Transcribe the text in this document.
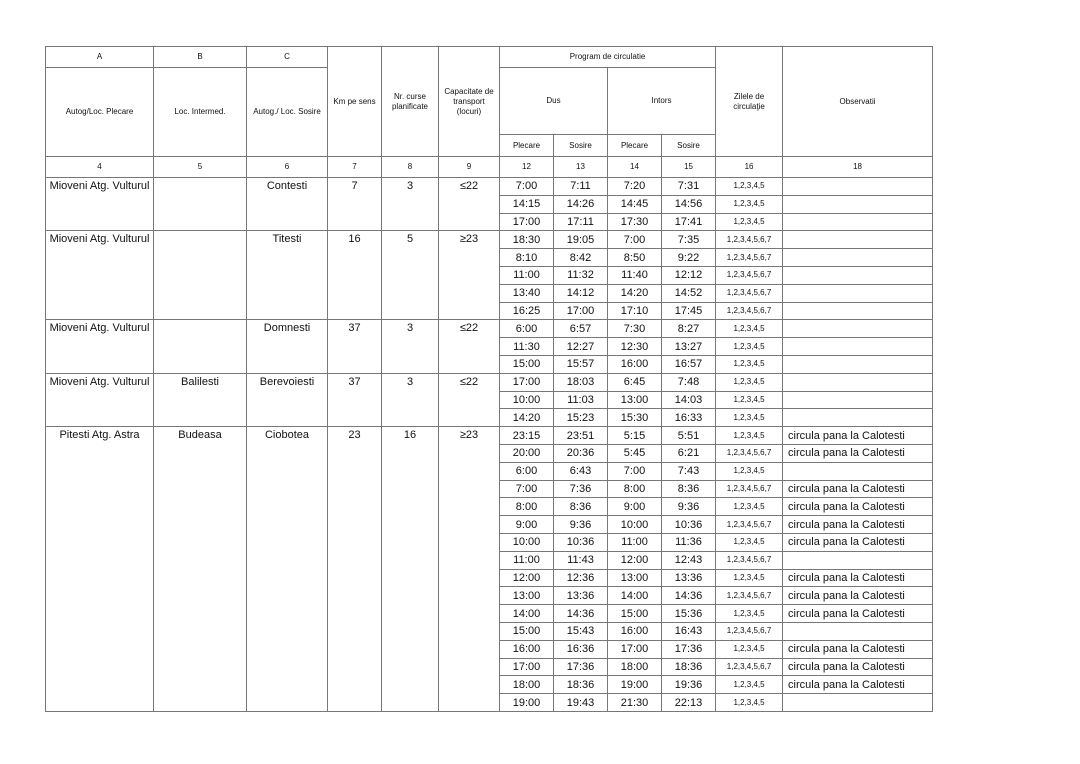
A	B	C	Km pe sens	Nr. curse planificate	Capacitate de transport (locuri)	Program de circulatie				Zilele de circulaţie	Observatii
Autog/Loc. Plecare	Loc. Intermed.	Autog./ Loc. Sosire				Dus		Intors			
						Plecare	Sosire	Plecare	Sosire		
4	5	6	7	8	9	12	13	14	15	16	18
Mioveni Atg. Vulturul		Contesti	7	3	≤22	7:00	7:11	7:20	7:31	1,2,3,4,5	
						14:15	14:26	14:45	14:56	1,2,3,4,5	
						17:00	17:11	17:30	17:41	1,2,3,4,5	
Mioveni Atg. Vulturul		Titesti	16	5	≥23	18:30	19:05	7:00	7:35	1,2,3,4,5,6,7	
						8:10	8:42	8:50	9:22	1,2,3,4,5,6,7	
						11:00	11:32	11:40	12:12	1,2,3,4,5,6,7	
						13:40	14:12	14:20	14:52	1,2,3,4,5,6,7	
						16:25	17:00	17:10	17:45	1,2,3,4,5,6,7	
Mioveni Atg. Vulturul		Domnesti	37	3	≤22	6:00	6:57	7:30	8:27	1,2,3,4,5	
						11:30	12:27	12:30	13:27	1,2,3,4,5	
						15:00	15:57	16:00	16:57	1,2,3,4,5	
Mioveni Atg. Vulturul	Balilesti	Berevoiesti	37	3	≤22	17:00	18:03	6:45	7:48	1,2,3,4,5	
						10:00	11:03	13:00	14:03	1,2,3,4,5	
						14:20	15:23	15:30	16:33	1,2,3,4,5	
Pitesti Atg. Astra	Budeasa	Ciobotea	23	16	≥23	23:15	23:51	5:15	5:51	1,2,3,4,5	circula pana la Calotesti
						20:00	20:36	5:45	6:21	1,2,3,4,5,6,7	circula pana la Calotesti
						6:00	6:43	7:00	7:43	1,2,3,4,5	
						7:00	7:36	8:00	8:36	1,2,3,4,5,6,7	circula pana la Calotesti
						8:00	8:36	9:00	9:36	1,2,3,4,5	circula pana la Calotesti
						9:00	9:36	10:00	10:36	1,2,3,4,5,6,7	circula pana la Calotesti
						10:00	10:36	11:00	11:36	1,2,3,4,5	circula pana la Calotesti
						11:00	11:43	12:00	12:43	1,2,3,4,5,6,7	
						12:00	12:36	13:00	13:36	1,2,3,4,5	circula pana la Calotesti
						13:00	13:36	14:00	14:36	1,2,3,4,5,6,7	circula pana la Calotesti
						14:00	14:36	15:00	15:36	1,2,3,4,5	circula pana la Calotesti
						15:00	15:43	16:00	16:43	1,2,3,4,5,6,7	
						16:00	16:36	17:00	17:36	1,2,3,4,5	circula pana la Calotesti
						17:00	17:36	18:00	18:36	1,2,3,4,5,6,7	circula pana la Calotesti
						18:00	18:36	19:00	19:36	1,2,3,4,5	circula pana la Calotesti
						19:00	19:43	21:30	22:13	1,2,3,4,5	
